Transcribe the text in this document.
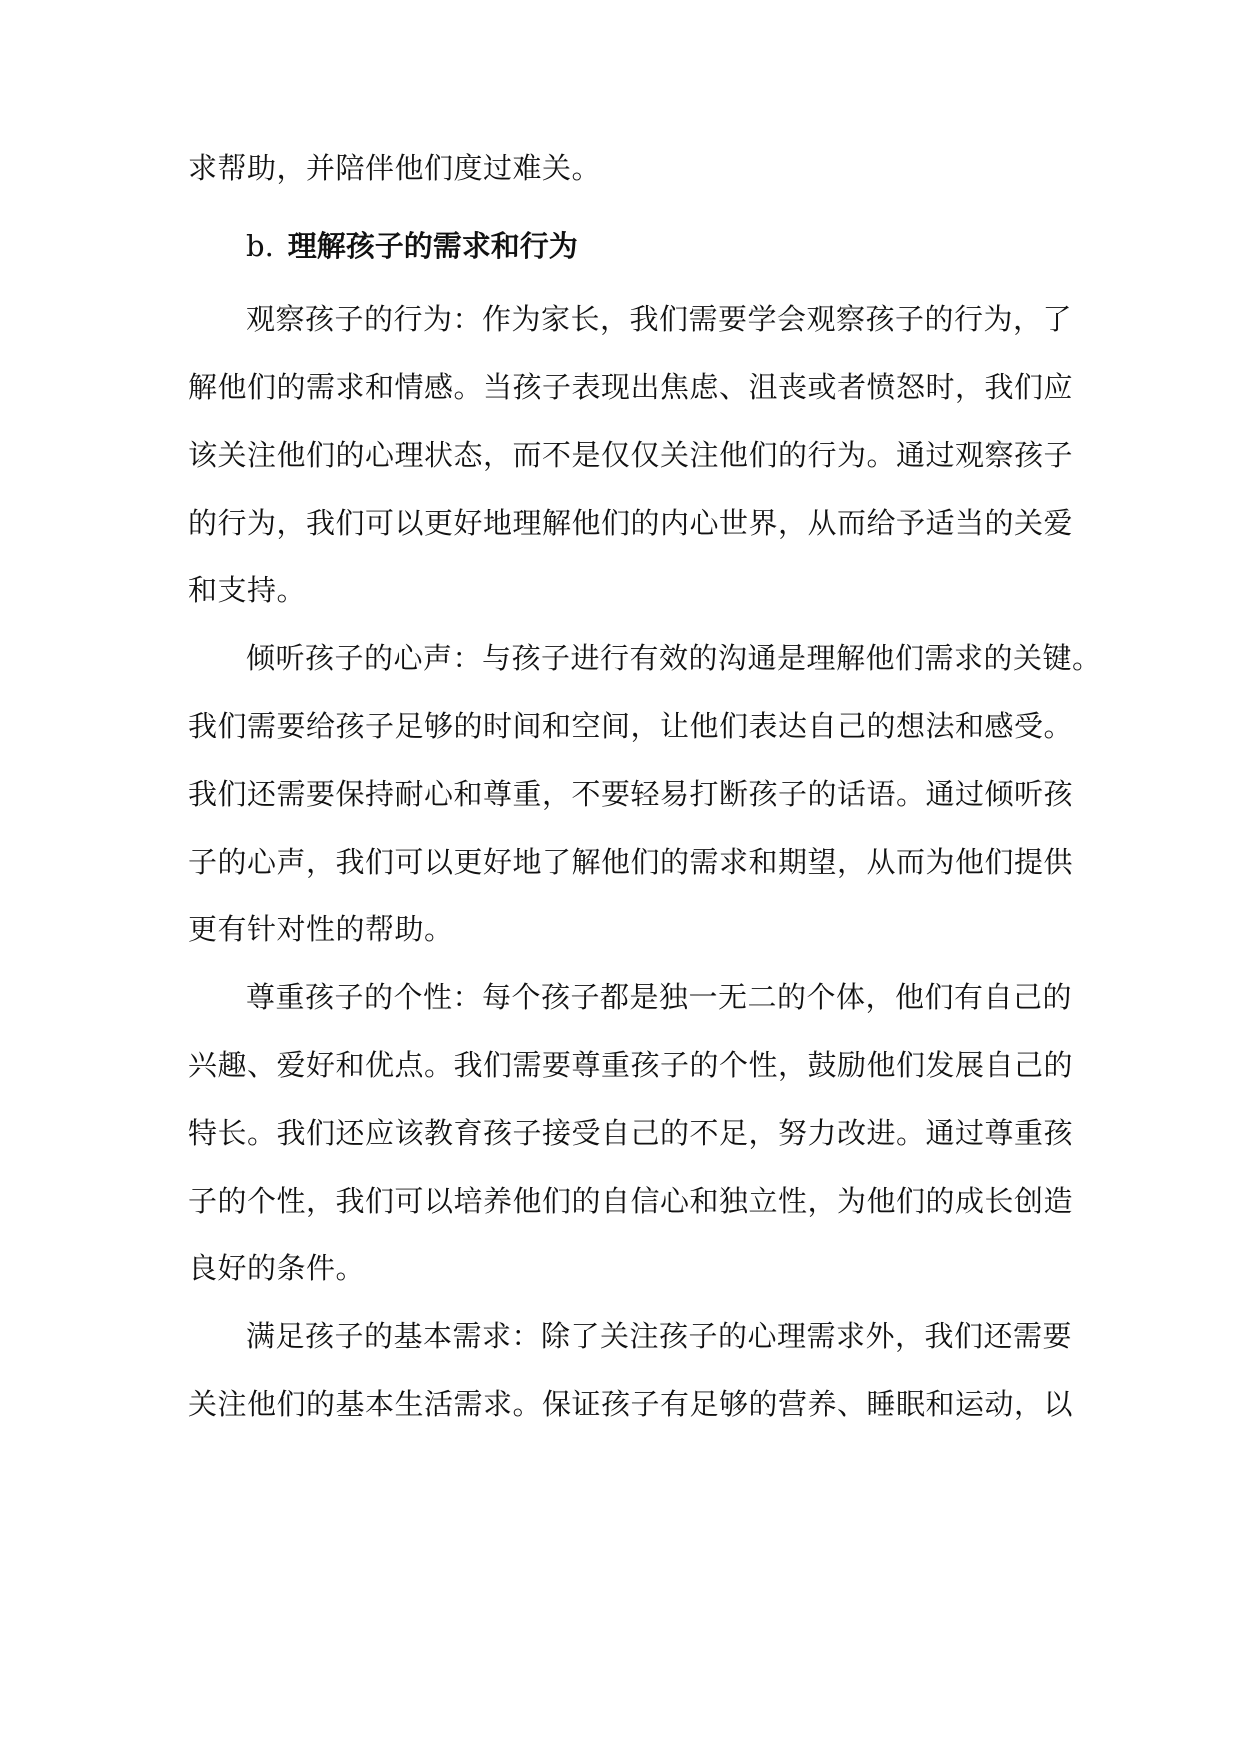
求帮助，并陪伴他们度过难关。
b. 理解孩子的需求和行为
观察孩子的行为：作为家长，我们需要学会观察孩子的行为，了
解他们的需求和情感。当孩子表现出焦虑、沮丧或者愤怒时，我们应
该关注他们的心理状态，而不是仅仅关注他们的行为。通过观察孩子
的行为，我们可以更好地理解他们的内心世界，从而给予适当的关爱
和支持。
倾听孩子的心声：与孩子进行有效的沟通是理解他们需求的关键。
我们需要给孩子足够的时间和空间，让他们表达自己的想法和感受。
我们还需要保持耐心和尊重，不要轻易打断孩子的话语。通过倾听孩
子的心声，我们可以更好地了解他们的需求和期望，从而为他们提供
更有针对性的帮助。
尊重孩子的个性：每个孩子都是独一无二的个体，他们有自己的
兴趣、爱好和优点。我们需要尊重孩子的个性，鼓励他们发展自己的
特长。我们还应该教育孩子接受自己的不足，努力改进。通过尊重孩
子的个性，我们可以培养他们的自信心和独立性，为他们的成长创造
良好的条件。
满足孩子的基本需求：除了关注孩子的心理需求外，我们还需要
关注他们的基本生活需求。保证孩子有足够的营养、睡眠和运动，以
